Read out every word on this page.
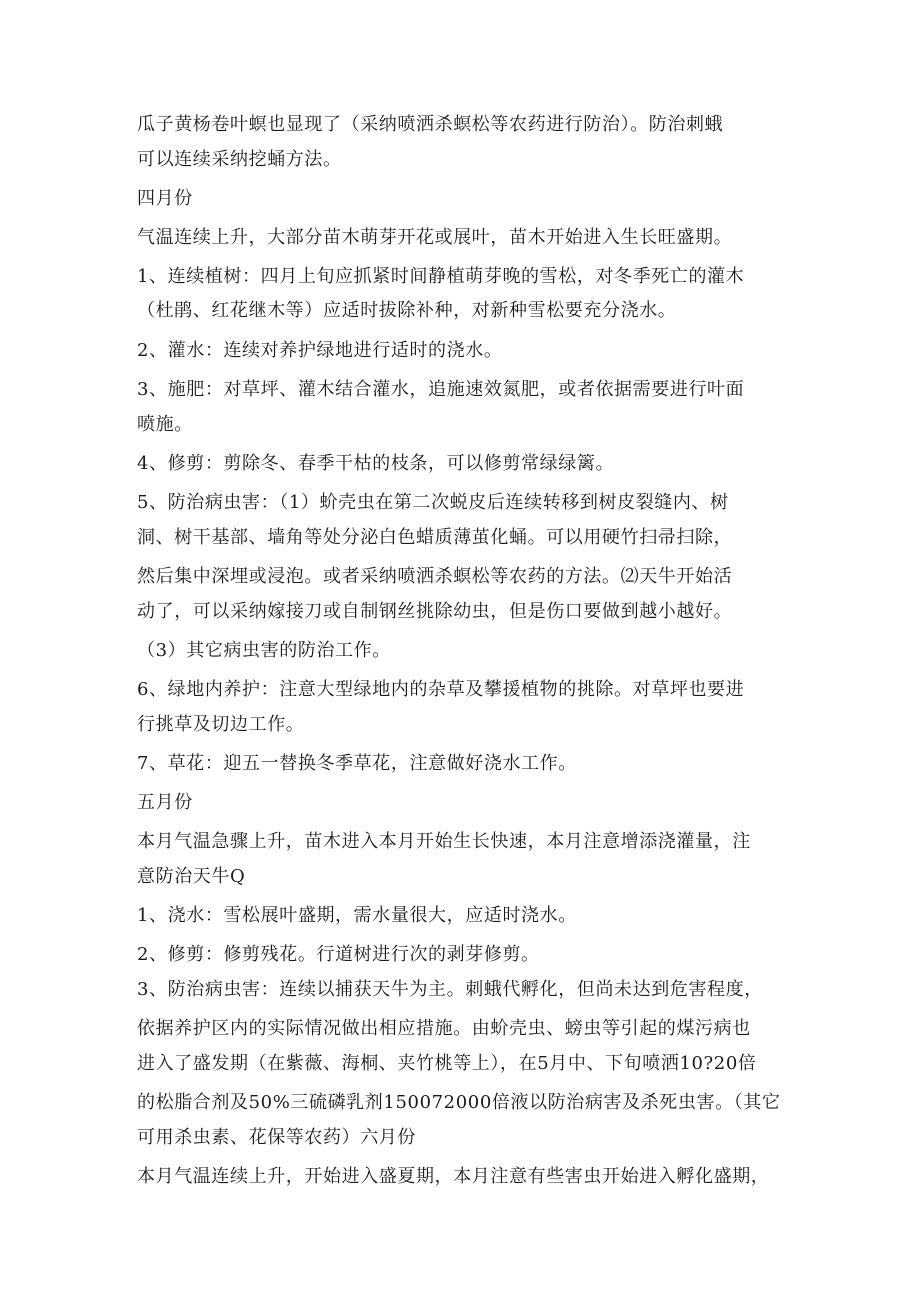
瓜子黄杨卷叶螟也显现了（采纳喷洒杀螟松等农药进行防治）。防治刺蛾
可以连续采纳挖蛹方法。
四月份
气温连续上升，大部分苗木萌芽开花或展叶，苗木开始进入生长旺盛期。
1、连续植树：四月上旬应抓紧时间静植萌芽晚的雪松，对冬季死亡的灌木
（杜鹃、红花继木等）应适时拔除补种，对新种雪松要充分浇水。
2、灌水：连续对养护绿地进行适时的浇水。
3、施肥：对草坪、灌木结合灌水，追施速效氮肥，或者依据需要进行叶面
喷施。
4、修剪：剪除冬、春季干枯的枝条，可以修剪常绿绿篱。
5、防治病虫害：（1）蚧壳虫在第二次蜕皮后连续转移到树皮裂缝内、树
洞、树干基部、墙角等处分泌白色蜡质薄茧化蛹。可以用硬竹扫帚扫除，
然后集中深埋或浸泡。或者采纳喷洒杀螟松等农药的方法。⑵天牛开始活
动了，可以采纳嫁接刀或自制钢丝挑除幼虫，但是伤口要做到越小越好。
（3）其它病虫害的防治工作。
6、绿地内养护：注意大型绿地内的杂草及攀援植物的挑除。对草坪也要进
行挑草及切边工作。
7、草花：迎五一替换冬季草花，注意做好浇水工作。
五月份
本月气温急骤上升，苗木进入本月开始生长快速，本月注意增添浇灌量，注
意防治天牛Q
1、浇水：雪松展叶盛期，需水量很大，应适时浇水。
2、修剪：修剪残花。行道树进行次的剥芽修剪。
3、防治病虫害：连续以捕获天牛为主。刺蛾代孵化，但尚未达到危害程度，
依据养护区内的实际情况做出相应措施。由蚧壳虫、螃虫等引起的煤污病也
进入了盛发期（在紫薇、海桐、夹竹桃等上），在5月中、下旬喷洒10?20倍
的松脂合剂及50%三硫磷乳剂150072000倍液以防治病害及杀死虫害。（其它
可用杀虫素、花保等农药）六月份
本月气温连续上升，开始进入盛夏期，本月注意有些害虫开始进入孵化盛期，
